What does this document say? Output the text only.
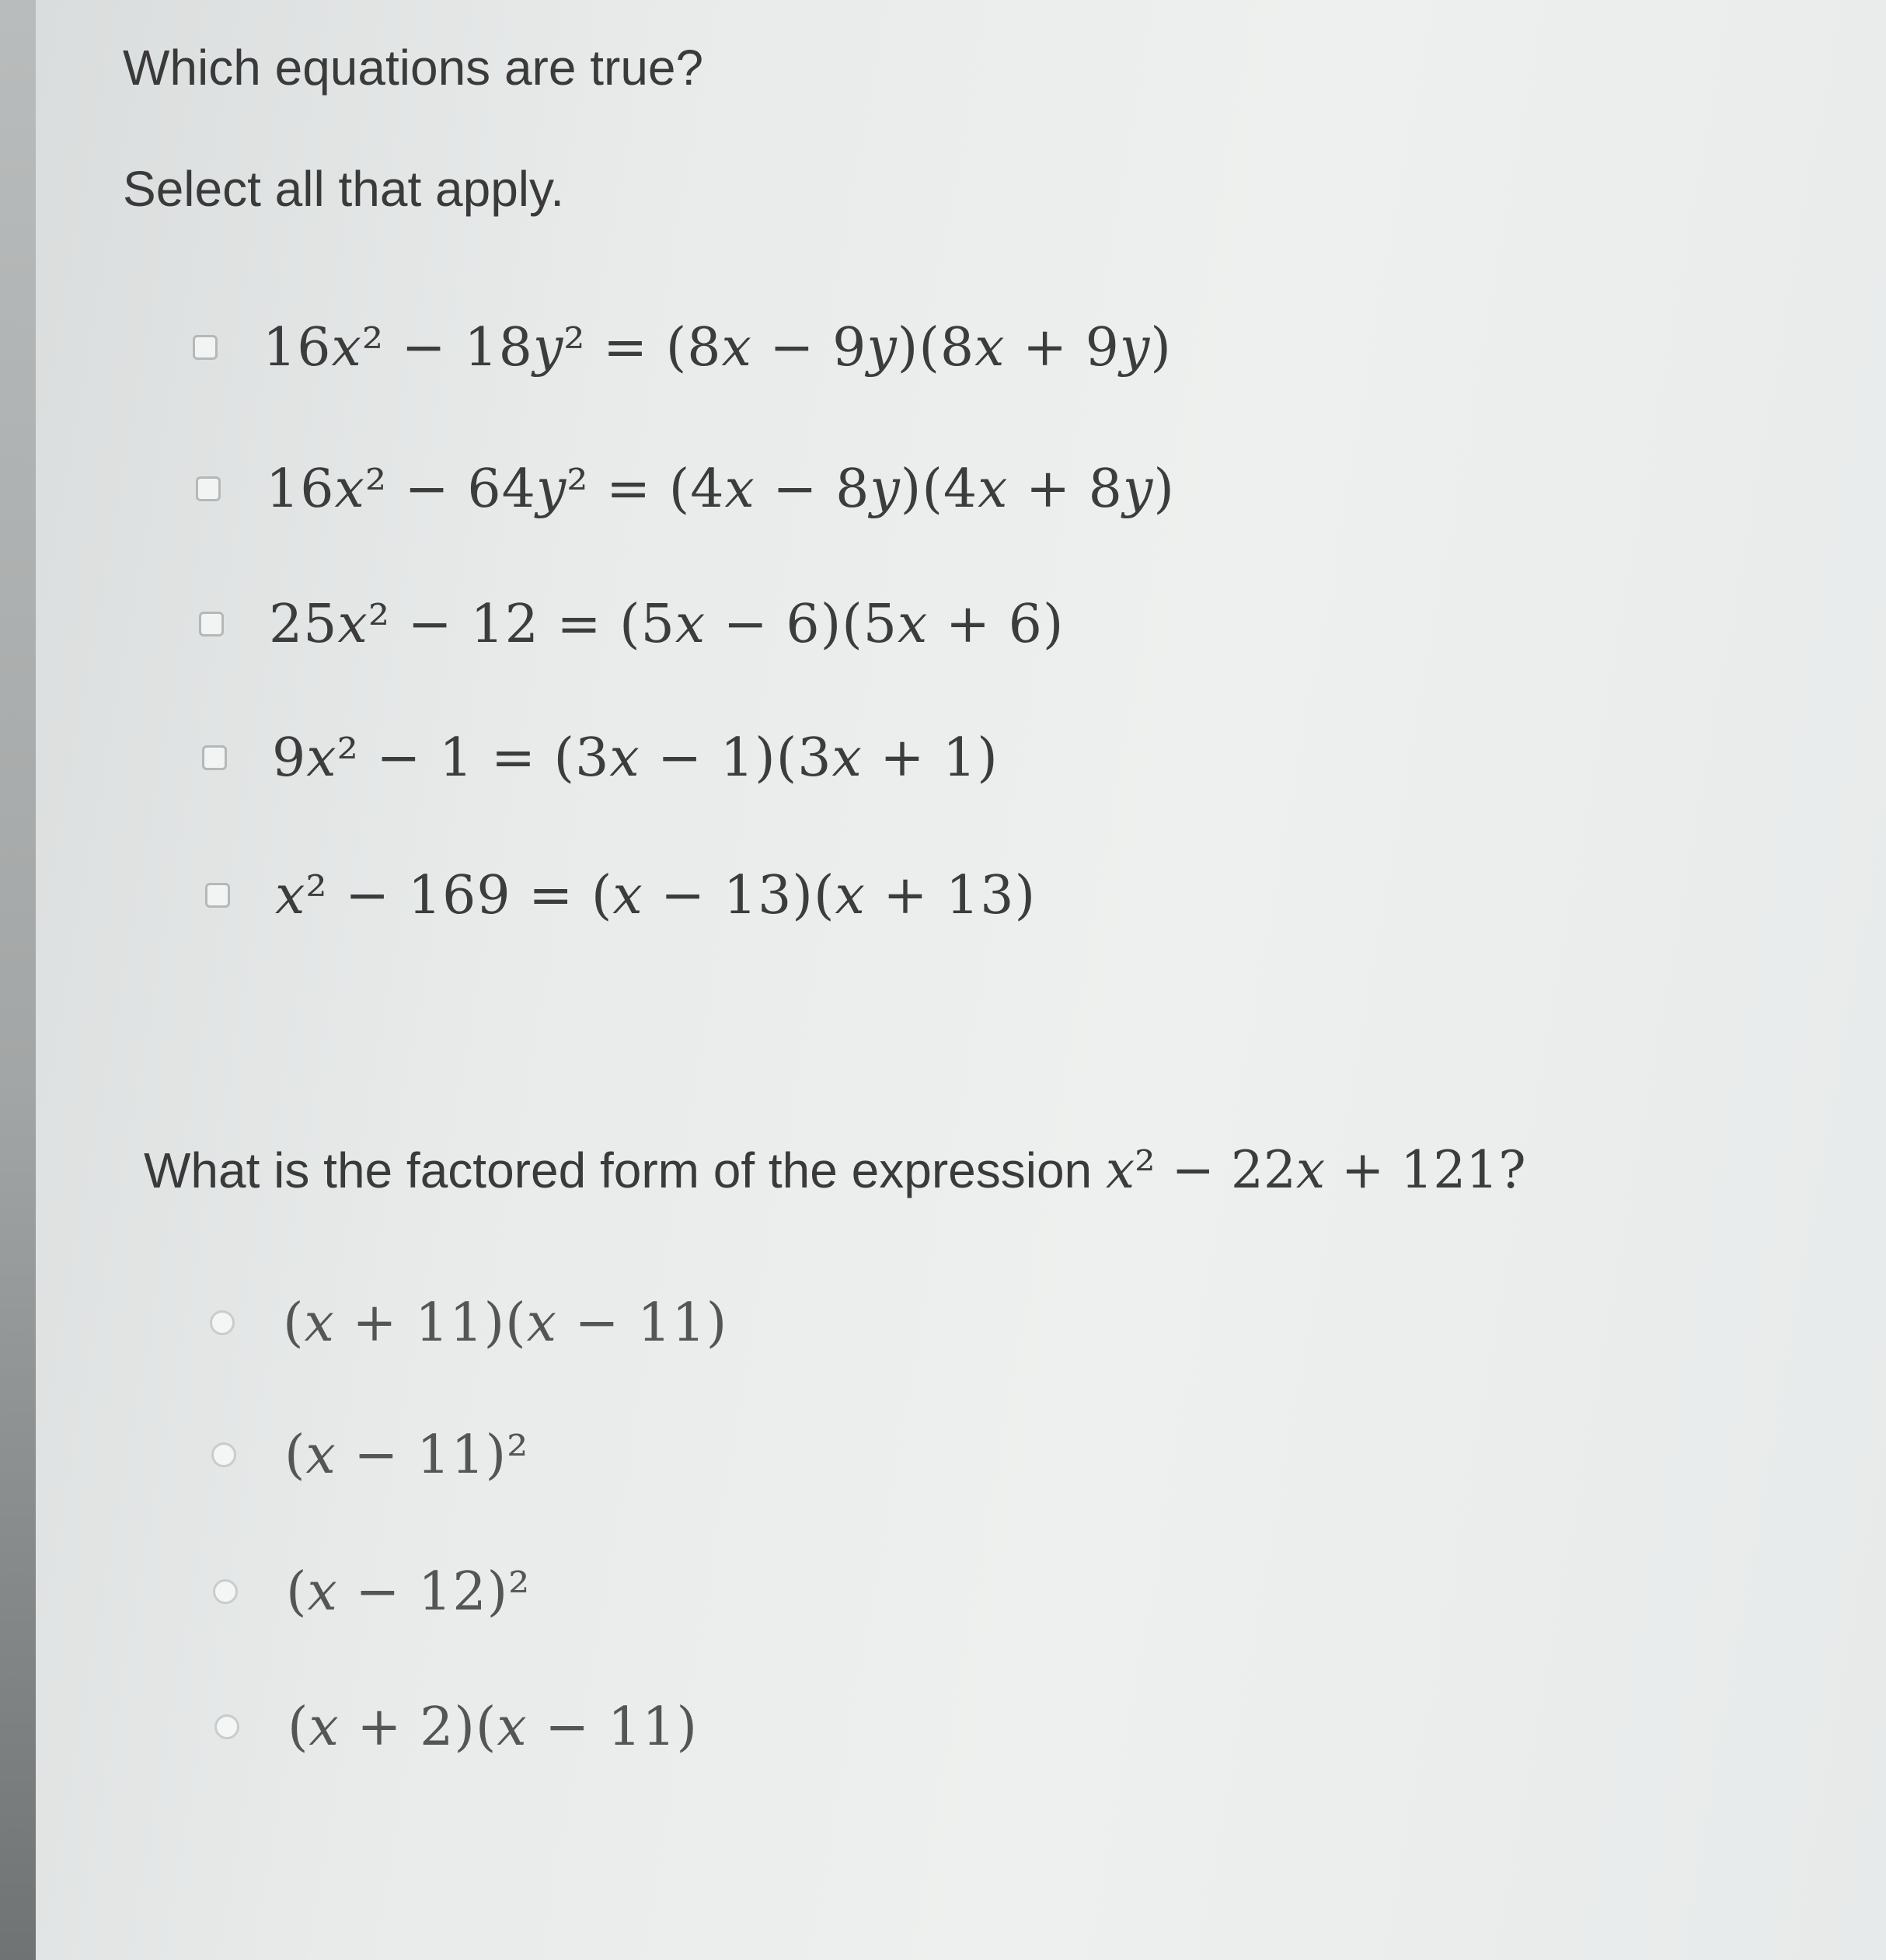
Which equations are true?
Select all that apply.
16𝑥² − 18𝑦² = (8𝑥 − 9𝑦)(8𝑥 + 9𝑦)
16𝑥² − 64𝑦² = (4𝑥 − 8𝑦)(4𝑥 + 8𝑦)
25𝑥² − 12 = (5𝑥 − 6)(5𝑥 + 6)
9𝑥² − 1 = (3𝑥 − 1)(3𝑥 + 1)
𝑥² − 169 = (𝑥 − 13)(𝑥 + 13)
What is the factored form of the expression 𝑥² − 22𝑥 + 121?
(𝑥 + 11)(𝑥 − 11)
(𝑥 − 11)²
(𝑥 − 12)²
(𝑥 + 2)(𝑥 − 11)
